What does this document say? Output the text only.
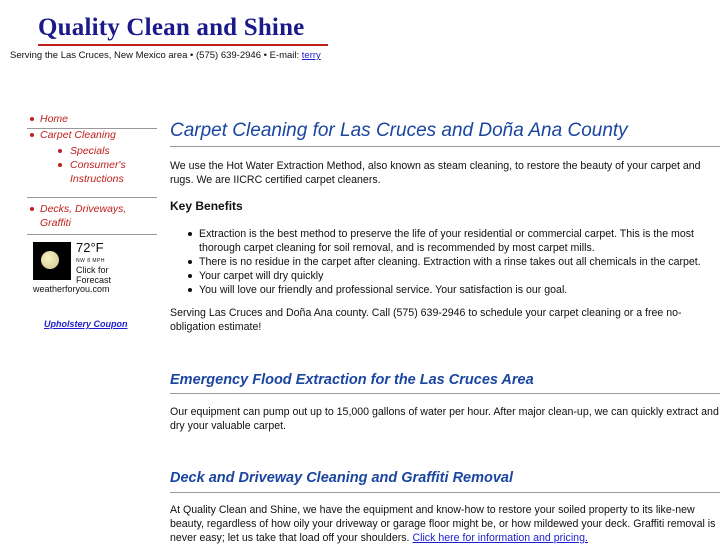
Quality Clean and Shine
Serving the Las Cruces, New Mexico area • (575) 639-2946 • E-mail: terry
Home
Carpet Cleaning
Specials
Consumer's Instructions
Decks, Driveways, Graffiti
72°F
NW 8 MPH
Click for Forecast
weatherforyou.com
Upholstery Coupon
Carpet Cleaning for Las Cruces and Doña Ana County

We use the Hot Water Extraction Method, also known as steam cleaning, to restore the beauty of your carpet and rugs. We are IICRC certified carpet cleaners.

Key Benefits
Extraction is the best method to preserve the life of your residential or commercial carpet. This is the most thorough carpet cleaning for soil removal, and is recommended by most carpet mills.
There is no residue in the carpet after cleaning. Extraction with a rinse takes out all chemicals in the carpet.
Your carpet will dry quickly
You will love our friendly and professional service. Your satisfaction is our goal.

Serving Las Cruces and Doña Ana county. Call (575) 639-2946 to schedule your carpet cleaning or a free no-obligation estimate!

Emergency Flood Extraction for the Las Cruces Area

Our equipment can pump out up to 15,000 gallons of water per hour. After major clean-up, we can quickly extract and dry your valuable carpet.

Deck and Driveway Cleaning and Graffiti Removal

At Quality Clean and Shine, we have the equipment and know-how to restore your soiled property to its like-new beauty, regardless of how oily your driveway or garage floor might be, or how mildewed your deck. Graffiti removal is never easy; let us take that load off your shoulders. Click here for information and pricing.
